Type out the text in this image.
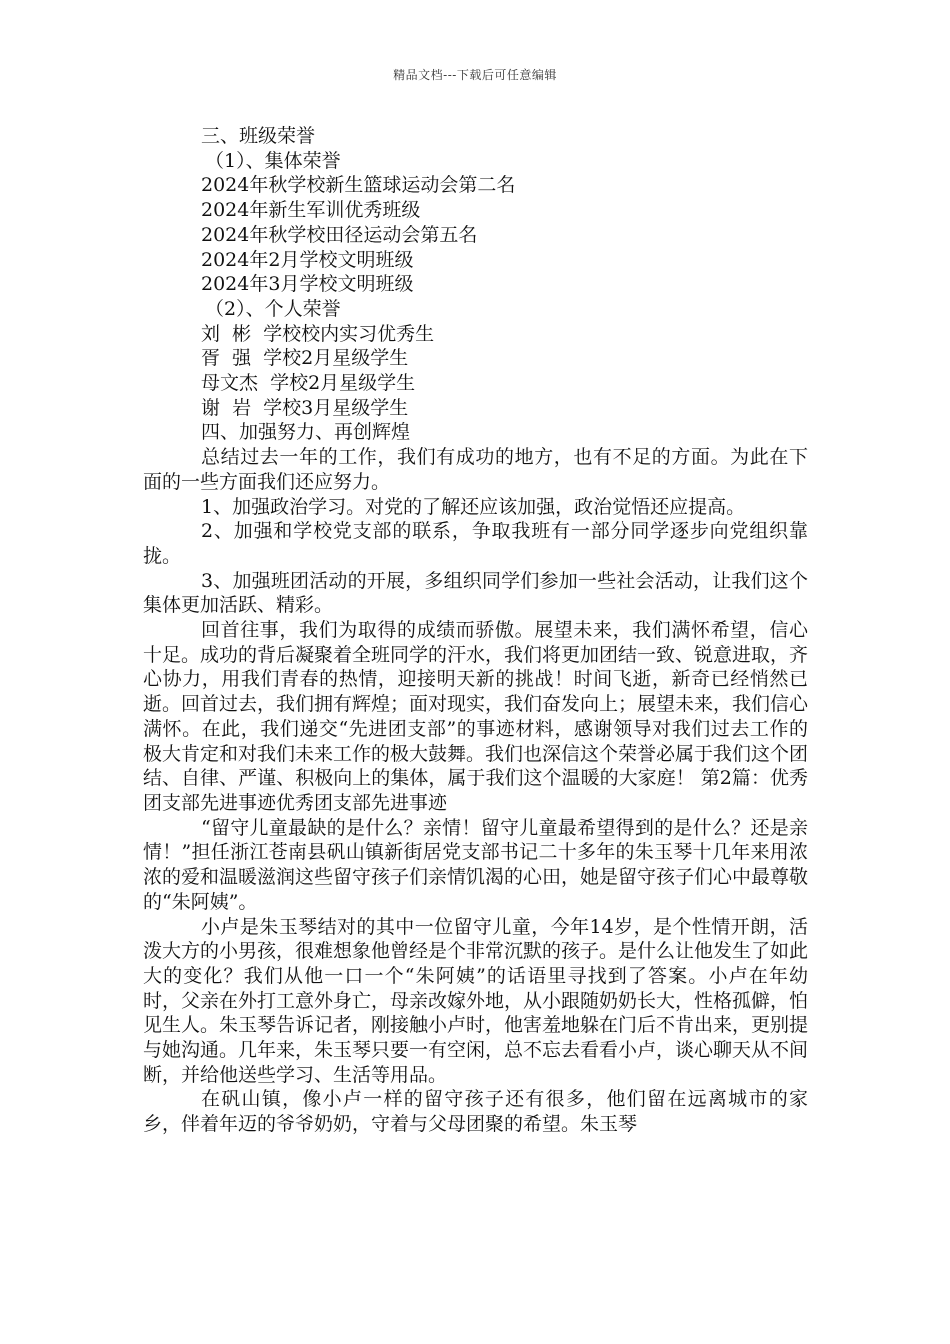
精品文档---下载后可任意编辑

三、班级荣誉

（1）、集体荣誉

2024年秋学校新生篮球运动会第二名

2024年新生军训优秀班级

2024年秋学校田径运动会第五名

2024年2月学校文明班级

2024年3月学校文明班级

（2）、个人荣誉

刘  彬  学校校内实习优秀生

胥  强  学校2月星级学生

母文杰  学校2月星级学生

谢  岩  学校3月星级学生

四、加强努力、再创辉煌

总结过去一年的工作，我们有成功的地方，也有不足的方面。为此在下面的一些方面我们还应努力。

1、加强政治学习。对党的了解还应该加强，政治觉悟还应提高。

2、加强和学校党支部的联系，争取我班有一部分同学逐步向党组织靠拢。

3、加强班团活动的开展，多组织同学们参加一些社会活动，让我们这个集体更加活跃、精彩。

回首往事，我们为取得的成绩而骄傲。展望未来，我们满怀希望，信心十足。成功的背后凝聚着全班同学的汗水，我们将更加团结一致、锐意进取，齐心协力，用我们青春的热情，迎接明天新的挑战！时间飞逝，新奇已经悄然已逝。回首过去，我们拥有辉煌；面对现实，我们奋发向上；展望未来，我们信心满怀。在此，我们递交“先进团支部”的事迹材料，感谢领导对我们过去工作的极大肯定和对我们未来工作的极大鼓舞。我们也深信这个荣誉必属于我们这个团结、自律、严谨、积极向上的集体，属于我们这个温暖的大家庭！ 第2篇：优秀团支部先进事迹优秀团支部先进事迹

“留守儿童最缺的是什么？亲情！留守儿童最希望得到的是什么？还是亲情！”担任浙江苍南县矾山镇新街居党支部书记二十多年的朱玉琴十几年来用浓浓的爱和温暖滋润这些留守孩子们亲情饥渴的心田，她是留守孩子们心中最尊敬的“朱阿姨”。

小卢是朱玉琴结对的其中一位留守儿童，今年14岁，是个性情开朗，活泼大方的小男孩，很难想象他曾经是个非常沉默的孩子。是什么让他发生了如此大的变化？我们从他一口一个“朱阿姨”的话语里寻找到了答案。小卢在年幼时，父亲在外打工意外身亡，母亲改嫁外地，从小跟随奶奶长大，性格孤僻，怕见生人。朱玉琴告诉记者，刚接触小卢时，他害羞地躲在门后不肯出来，更别提与她沟通。几年来，朱玉琴只要一有空闲，总不忘去看看小卢，谈心聊天从不间断，并给他送些学习、生活等用品。

在矾山镇，像小卢一样的留守孩子还有很多，他们留在远离城市的家乡，伴着年迈的爷爷奶奶，守着与父母团聚的希望。朱玉琴
